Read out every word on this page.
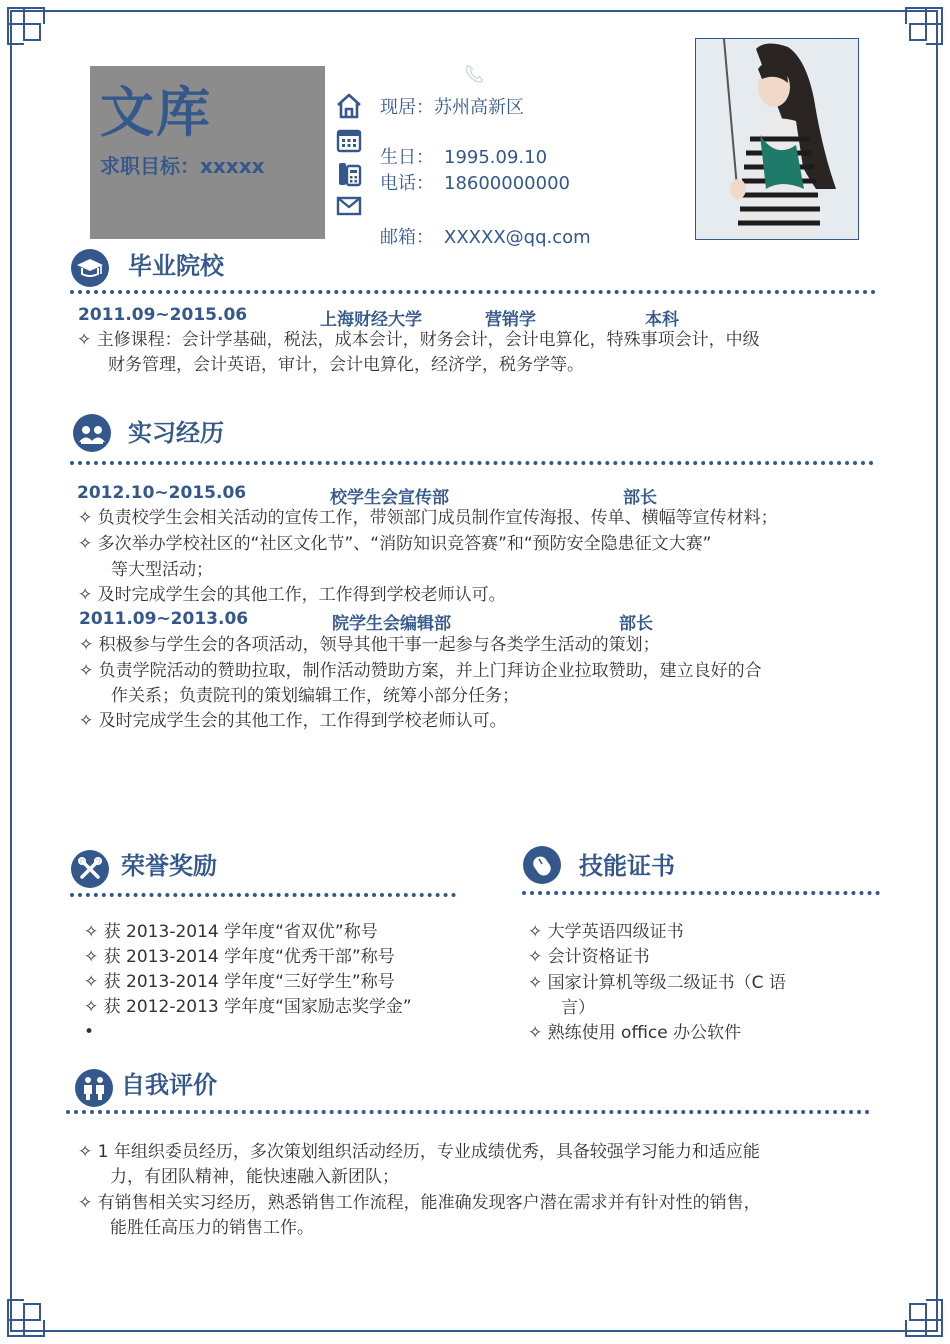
文库
求职目标：xxxxx
现居：苏州高新区
生日： 1995.09.10
电话： 18600000000
邮箱： XXXXX@qq.com
毕业院校
2011.09~2015.06	上海财经大学	营销学	本科
✧ 主修课程：会计学基础，税法，成本会计，财务会计，会计电算化，特殊事项会计，中级
财务管理，会计英语，审计，会计电算化，经济学，税务学等。
实习经历
2012.10~2015.06	校学生会宣传部	部长
✧ 负责校学生会相关活动的宣传工作，带领部门成员制作宣传海报、传单、横幅等宣传材料；
✧ 多次举办学校社区的“社区文化节”、“消防知识竞答赛”和“预防安全隐患征文大赛”
等大型活动；
✧ 及时完成学生会的其他工作，工作得到学校老师认可。
2011.09~2013.06	院学生会编辑部	部长
✧ 积极参与学生会的各项活动，领导其他干事一起参与各类学生活动的策划；
✧ 负责学院活动的赞助拉取，制作活动赞助方案，并上门拜访企业拉取赞助，建立良好的合
作关系；负责院刊的策划编辑工作，统筹小部分任务；
✧ 及时完成学生会的其他工作，工作得到学校老师认可。
荣誉奖励
✧ 获 2013-2014 学年度“省双优”称号
✧ 获 2013-2014 学年度“优秀干部”称号
✧ 获 2013-2014 学年度“三好学生”称号
✧ 获 2012-2013 学年度“国家励志奖学金”
•
技能证书
✧ 大学英语四级证书
✧ 会计资格证书
✧ 国家计算机等级二级证书（C 语
言）
✧ 熟练使用 office 办公软件
自我评价
✧ 1 年组织委员经历，多次策划组织活动经历，专业成绩优秀，具备较强学习能力和适应能
力，有团队精神，能快速融入新团队；
✧ 有销售相关实习经历，熟悉销售工作流程，能准确发现客户潜在需求并有针对性的销售，
能胜任高压力的销售工作。
